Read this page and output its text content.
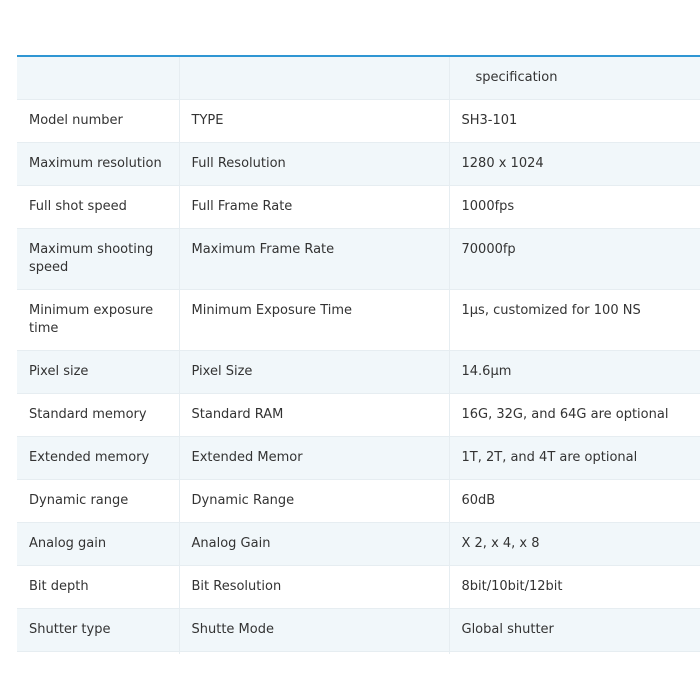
		specification
Model number	TYPE	SH3-101
Maximum resolution	Full Resolution	1280 x 1024
Full shot speed	Full Frame Rate	1000fps
Maximum shooting speed	Maximum Frame Rate	70000fp
Minimum exposure time	Minimum Exposure Time	1μs, customized for 100 NS
Pixel size	Pixel Size	14.6μm
Standard memory	Standard RAM	16G, 32G, and 64G are optional
Extended memory	Extended Memor	1T, 2T, and 4T are optional
Dynamic range	Dynamic Range	60dB
Analog gain	Analog Gain	X 2, x 4, x 8
Bit depth	Bit Resolution	8bit/10bit/12bit
Shutter type	Shutte Mode	Global shutter
